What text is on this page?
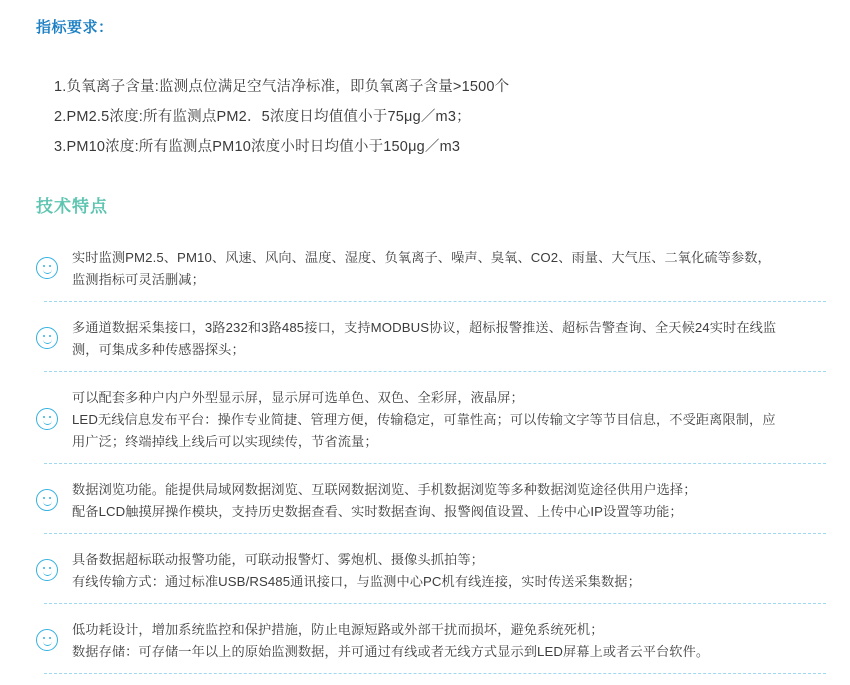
指标要求：
1.负氧离子含量:监测点位满足空气洁净标准，即负氧离子含量>1500个
2.PM2.5浓度:所有监测点PM2．5浓度日均值值小于75μg／m3；
3.PM10浓度:所有监测点PM10浓度小时日均值小于150μg／m3
技术特点
实时监测PM2.5、PM10、风速、风向、温度、湿度、负氧离子、噪声、臭氧、CO2、雨量、大气压、二氧化硫等参数，
监测指标可灵活删减；
多通道数据采集接口，3路232和3路485接口，支持MODBUS协议，超标报警推送、超标告警查询、全天候24实时在线监
测，可集成多种传感器探头；
可以配套多种户内户外型显示屏，显示屏可选单色、双色、全彩屏，液晶屏；
LED无线信息发布平台：操作专业简捷、管理方便，传输稳定，可靠性高；可以传输文字等节目信息，不受距离限制，应
用广泛；终端掉线上线后可以实现续传，节省流量；
数据浏览功能。能提供局域网数据浏览、互联网数据浏览、手机数据浏览等多种数据浏览途径供用户选择；
配备LCD触摸屏操作模块，支持历史数据查看、实时数据查询、报警阀值设置、上传中心IP设置等功能；
具备数据超标联动报警功能，可联动报警灯、雾炮机、摄像头抓拍等；
有线传输方式：通过标准USB/RS485通讯接口，与监测中心PC机有线连接，实时传送采集数据；
低功耗设计，增加系统监控和保护措施，防止电源短路或外部干扰而损坏，避免系统死机；
数据存储：可存储一年以上的原始监测数据，并可通过有线或者无线方式显示到LED屏幕上或者云平台软件。
